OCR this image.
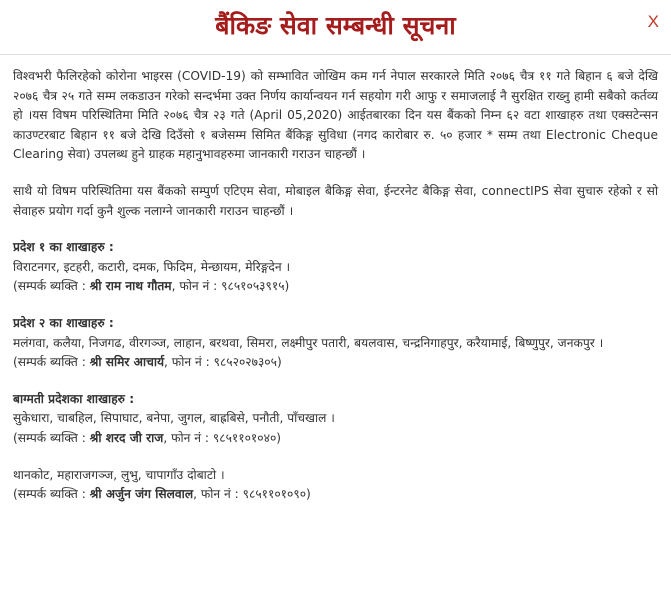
बैंकिङ सेवा सम्बन्धी सूचना	X

विश्वभरी फैलिरहेको कोरोना भाइरस (COVID-19) को सम्भावित जोखिम कम गर्न नेपाल सरकारले मिति २०७६ चैत्र ११ गते बिहान ६ बजे देखि २०७६ चैत्र २५ गते सम्म लकडाउन गरेको सन्दर्भमा उक्त निर्णय कार्यान्वयन गर्न सहयोग गरी आफु र समाजलाई नै सुरक्षित राख्नु हामी सबैको कर्तव्य हो ।यस विषम परिस्थितिमा मिति २०७६ चैत्र २३ गते (April 05,2020) आईतबारका दिन यस बैंकको निम्न ६२ वटा शाखाहरु तथा एक्सटेन्सन काउण्टरबाट बिहान ११ बजे देखि दिउँसो १ बजेसम्म सिमित बैंकिङ्ग सुविधा (नगद कारोबार रु. ५० हजार * सम्म तथा Electronic Cheque Clearing सेवा) उपलब्ध हुने ग्राहक महानुभावहरुमा जानकारी गराउन चाहन्छौं ।

साथै यो विषम परिस्थितिमा यस बैंकको सम्पुर्ण एटिएम सेवा, मोबाइल बैकिङ्ग सेवा, ईन्टरनेट बैकिङ्ग सेवा, connectIPS सेवा सुचारु रहेको र सो सेवाहरु प्रयोग गर्दा कुनै शुल्क नलाग्ने जानकारी गराउन चाहन्छौं ।

प्रदेश १ का शाखाहरु :
विराटनगर, इटहरी, कटारी, दमक, फिदिम, मेन्छायम, मेरिङ्गदेन ।
(सम्पर्क ब्यक्ति : श्री राम नाथ गौतम, फोन नं : ९८५१०५३९१५)
प्रदेश २ का शाखाहरु :
मलंगवा, कलैया, निजगढ, वीरगञ्ज, लाहान, बरथवा, सिमरा, लक्ष्मीपुर पतारी, बयलवास, चन्द्रनिगाहपुर, करैयामाई, बिष्णुपुर, जनकपुर ।
(सम्पर्क ब्यक्ति : श्री समिर आचार्य, फोन नं : ९८५२०२७३०५)
बाग्मती प्रदेशका शाखाहरु :
सुकेधारा, चाबहिल, सिपाघाट, बनेपा, जुगल, बाह्रबिसे, पनौती, पाँचखाल ।
(सम्पर्क ब्यक्ति : श्री शरद जी राज, फोन नं : ९८५११०१०४०)
थानकोट, महाराजगञ्ज, लुभु, चापागाँउ दोबाटो ।
(सम्पर्क ब्यक्ति : श्री अर्जुन जंग सिलवाल, फोन नं : ९८५११०१०९०)
